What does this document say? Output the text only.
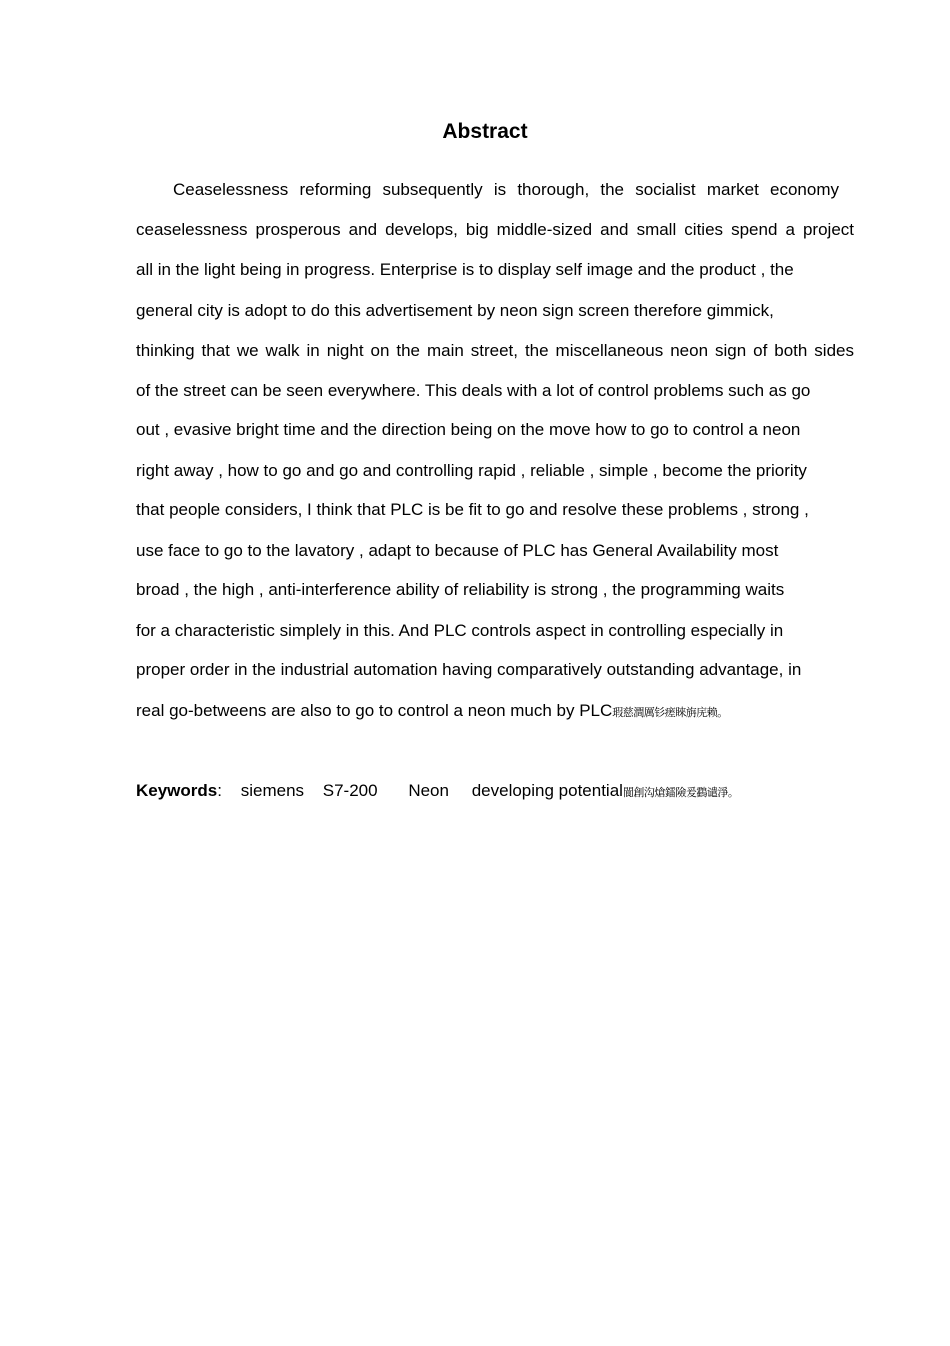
Abstract

Ceaselessness reforming subsequently is thorough, the socialist market economy

ceaselessness prosperous and develops, big middle-sized and small cities spend a project

all in the light being in progress. Enterprise is to display self image and the product , the

general city is adopt to do this advertisement by neon sign screen therefore gimmick,

thinking that we walk in night on the main street, the miscellaneous neon sign of both sides

of the street can be seen everywhere. This deals with a lot of control problems such as go

out , evasive bright time and the direction being on the move how to go to control a neon

right away , how to go and go and controlling rapid , reliable , simple , become the priority

that people considers, I think that PLC is be fit to go and resolve these problems , strong ,

use face to go to the lavatory , adapt to because of PLC has General Availability most

broad , the high , anti-interference ability of reliability is strong , the programming waits

for a characteristic simplely in this. And PLC controls aspect in controlling especially in

proper order in the industrial automation having comparatively outstanding advantage, in

real go-betweens are also to go to control a neon much by PLC瑕慈澗厲钐瘥睞旃庑赖。

Keywords: siemens S7-200 Neon developing potential閬創沟熗鐳險爰鸖谴淨。
